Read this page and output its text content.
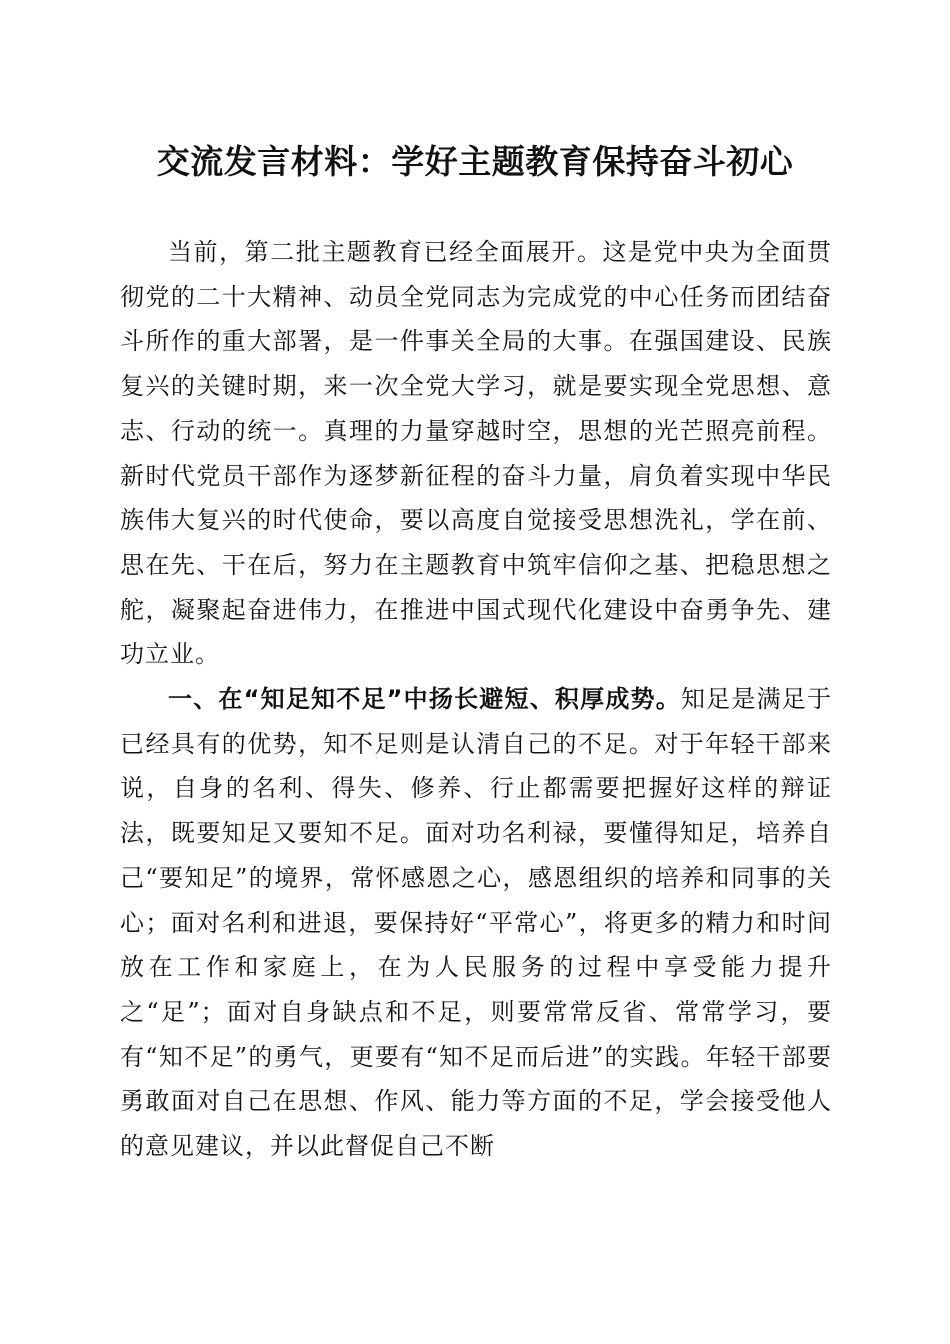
交流发言材料：学好主题教育保持奋斗初心

当前，第二批主题教育已经全面展开。这是党中央为全面贯彻党的二十大精神、动员全党同志为完成党的中心任务而团结奋斗所作的重大部署，是一件事关全局的大事。在强国建设、民族复兴的关键时期，来一次全党大学习，就是要实现全党思想、意志、行动的统一。真理的力量穿越时空，思想的光芒照亮前程。新时代党员干部作为逐梦新征程的奋斗力量，肩负着实现中华民族伟大复兴的时代使命，要以高度自觉接受思想洗礼，学在前、思在先、干在后，努力在主题教育中筑牢信仰之基、把稳思想之舵，凝聚起奋进伟力，在推进中国式现代化建设中奋勇争先、建功立业。

一、在“知足知不足”中扬长避短、积厚成势。知足是满足于已经具有的优势，知不足则是认清自己的不足。对于年轻干部来说，自身的名利、得失、修养、行止都需要把握好这样的辩证法，既要知足又要知不足。面对功名利禄，要懂得知足，培养自己“要知足”的境界，常怀感恩之心，感恩组织的培养和同事的关心；面对名利和进退，要保持好“平常心”，将更多的精力和时间放在工作和家庭上，在为人民服务的过程中享受能力提升之“足”；面对自身缺点和不足，则要常常反省、常常学习，要有“知不足”的勇气，更要有“知不足而后进”的实践。年轻干部要勇敢面对自己在思想、作风、能力等方面的不足，学会接受他人的意见建议，并以此督促自己不断
